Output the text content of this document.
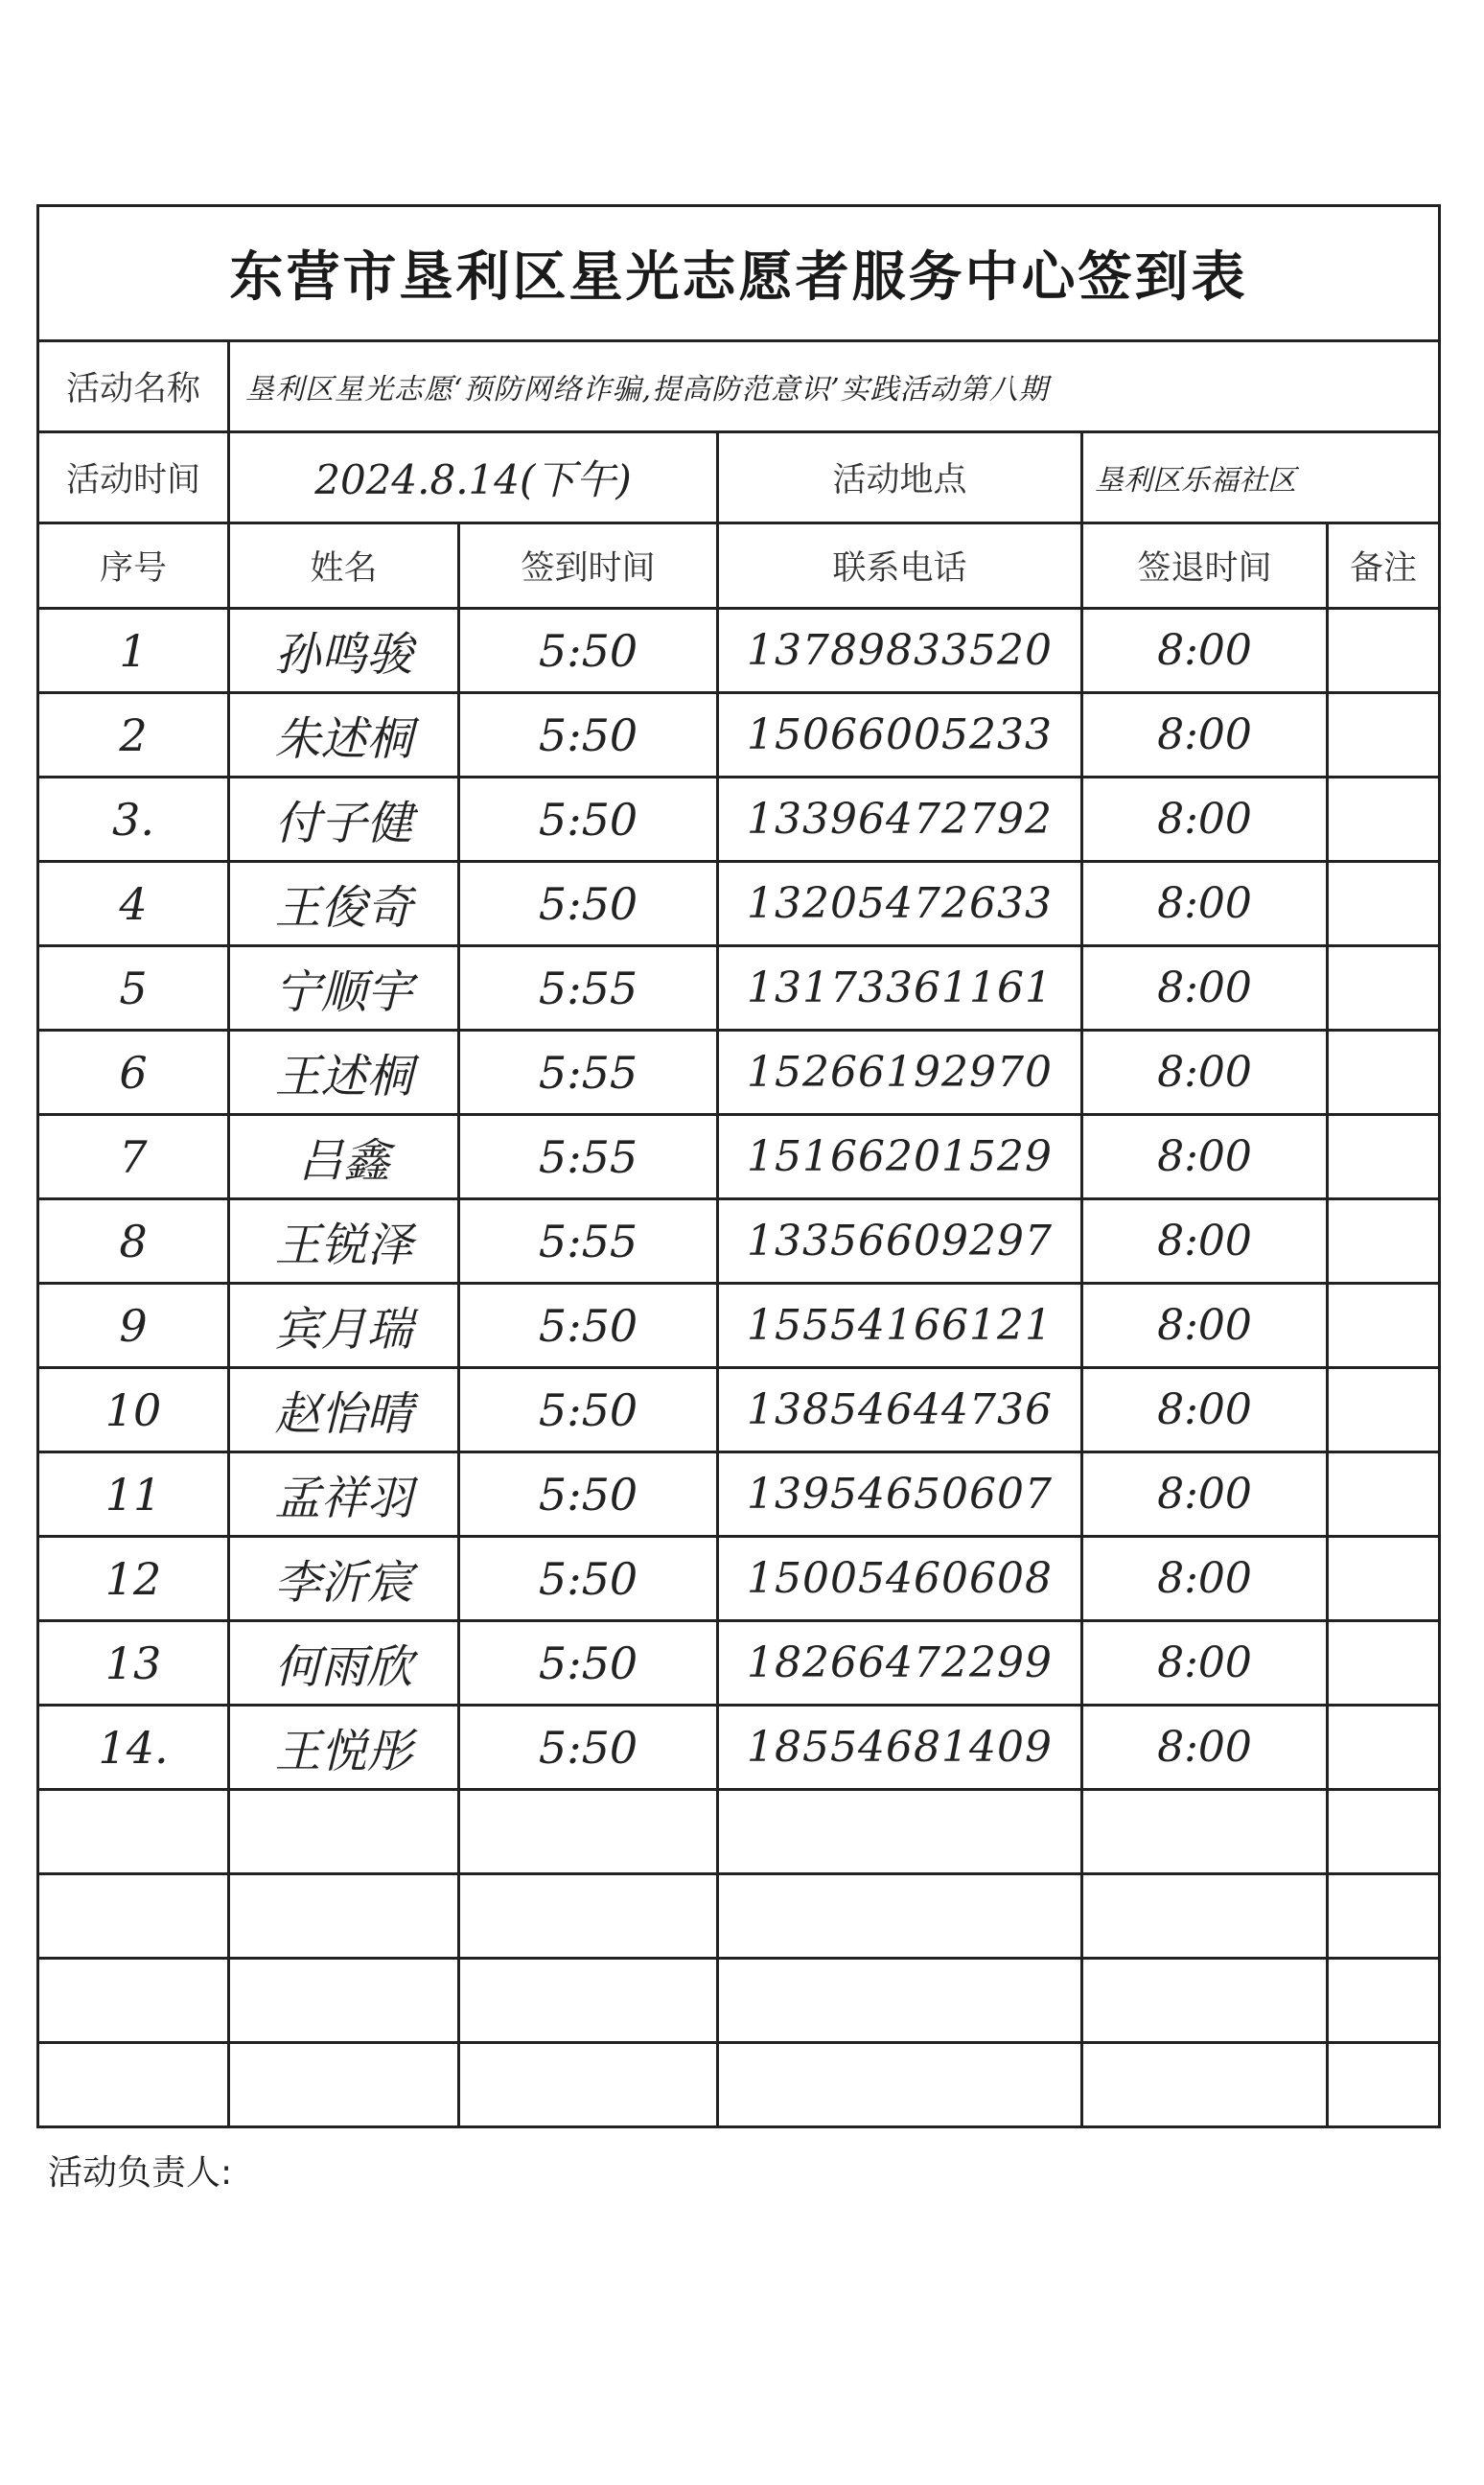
东营市垦利区星光志愿者服务中心签到表					
活动名称	垦利区星光志愿‘预防网络诈骗,提高防范意识’实践活动第八期				
活动时间	2024.8.14(下午)		活动地点	垦利区乐福社区	
序号	姓名	签到时间	联系电话	签退时间	备注
1	孙鸣骏	5:50	13789833520	8:00	
2	朱述桐	5:50	15066005233	8:00	
3.	付子健	5:50	13396472792	8:00	
4	王俊奇	5:50	13205472633	8:00	
5	宁顺宇	5:55	13173361161	8:00	
6	王述桐	5:55	15266192970	8:00	
7	吕鑫	5:55	15166201529	8:00	
8	王锐泽	5:55	13356609297	8:00	
9	宾月瑞	5:50	15554166121	8:00	
10	赵怡晴	5:50	13854644736	8:00	
11	孟祥羽	5:50	13954650607	8:00	
12	李沂宸	5:50	15005460608	8:00	
13	何雨欣	5:50	18266472299	8:00	
14.	王悦彤	5:50	18554681409	8:00	

活动负责人:
